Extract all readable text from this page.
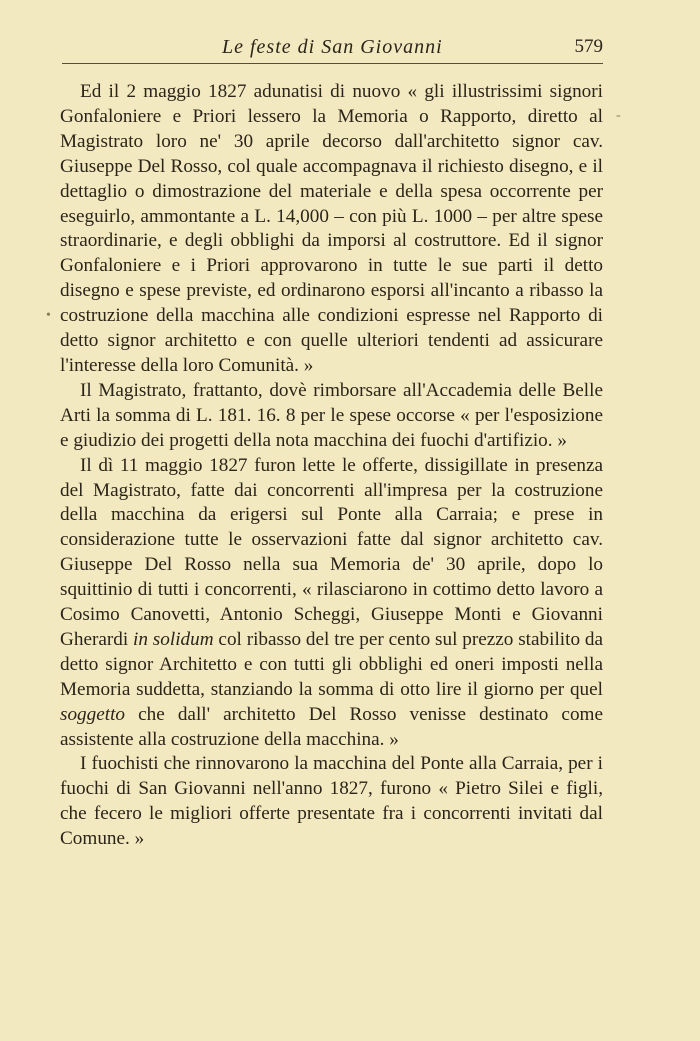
Le feste di San Giovanni	579
-
•

Ed il 2 maggio 1827 adunatisi di nuovo « gli illustrissimi signori Gonfaloniere e Priori lessero la Memoria o Rapporto, diretto al Magistrato loro ne' 30 aprile decorso dall'architetto signor cav. Giuseppe Del Rosso, col quale accompagnava il richiesto disegno, e il dettaglio o dimostrazione del materiale e della spesa occorrente per eseguirlo, ammontante a L. 14,000 – con più L. 1000 – per altre spese straordinarie, e degli obblighi da imporsi al costruttore. Ed il signor Gonfaloniere e i Priori approvarono in tutte le sue parti il detto disegno e spese previste, ed ordinarono esporsi all'incanto a ribasso la costruzione della macchina alle condizioni espresse nel Rapporto di detto signor architetto e con quelle ulteriori tendenti ad assicurare l'interesse della loro Comunità. »

Il Magistrato, frattanto, dovè rimborsare all'Accademia delle Belle Arti la somma di L. 181. 16. 8 per le spese occorse « per l'esposizione e giudizio dei progetti della nota macchina dei fuochi d'artifizio. »

Il dì 11 maggio 1827 furon lette le offerte, dissigillate in presenza del Magistrato, fatte dai concorrenti all'impresa per la costruzione della macchina da erigersi sul Ponte alla Carraia; e prese in considerazione tutte le osservazioni fatte dal signor architetto cav. Giuseppe Del Rosso nella sua Memoria de' 30 aprile, dopo lo squittinio di tutti i concorrenti, « rilasciarono in cottimo detto lavoro a Cosimo Canovetti, Antonio Scheggi, Giuseppe Monti e Giovanni Gherardi in solidum col ribasso del tre per cento sul prezzo stabilito da detto signor Architetto e con tutti gli obblighi ed oneri imposti nella Memoria suddetta, stanziando la somma di otto lire il giorno per quel soggetto che dall' architetto Del Rosso venisse destinato come assistente alla costruzione della macchina. »

I fuochisti che rinnovarono la macchina del Ponte alla Carraia, per i fuochi di San Giovanni nell'anno 1827, furono « Pietro Silei e figli, che fecero le migliori offerte presentate fra i concorrenti invitati dal Comune. »
